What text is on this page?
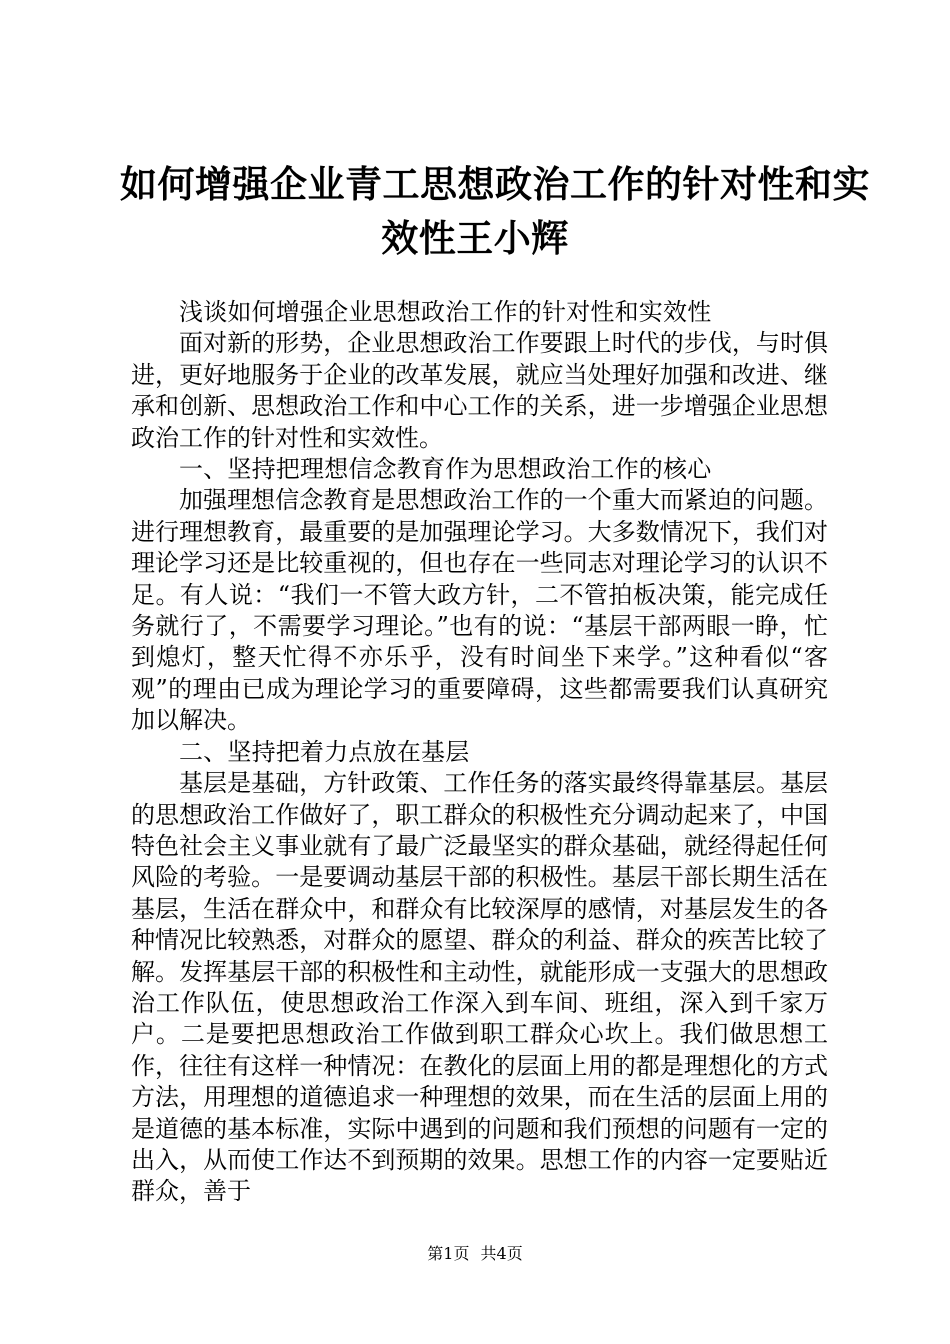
如何增强企业青工思想政治工作的针对性和实
效性王小辉

浅谈如何增强企业思想政治工作的针对性和实效性

面对新的形势，企业思想政治工作要跟上时代的步伐，与时俱进，更好地服务于企业的改革发展，就应当处理好加强和改进、继承和创新、思想政治工作和中心工作的关系，进一步增强企业思想政治工作的针对性和实效性。

一、坚持把理想信念教育作为思想政治工作的核心

加强理想信念教育是思想政治工作的一个重大而紧迫的问题。进行理想教育，最重要的是加强理论学习。大多数情况下，我们对理论学习还是比较重视的，但也存在一些同志对理论学习的认识不足。有人说：“我们一不管大政方针，二不管拍板决策，能完成任务就行了，不需要学习理论。”也有的说：“基层干部两眼一睁，忙到熄灯，整天忙得不亦乐乎，没有时间坐下来学。”这种看似“客观”的理由已成为理论学习的重要障碍，这些都需要我们认真研究加以解决。

二、坚持把着力点放在基层

基层是基础，方针政策、工作任务的落实最终得靠基层。基层的思想政治工作做好了，职工群众的积极性充分调动起来了，中国特色社会主义事业就有了最广泛最坚实的群众基础，就经得起任何风险的考验。一是要调动基层干部的积极性。基层干部长期生活在基层，生活在群众中，和群众有比较深厚的感情，对基层发生的各种情况比较熟悉，对群众的愿望、群众的利益、群众的疾苦比较了解。发挥基层干部的积极性和主动性，就能形成一支强大的思想政治工作队伍，使思想政治工作深入到车间、班组，深入到千家万户。二是要把思想政治工作做到职工群众心坎上。我们做思想工作，往往有这样一种情况：在教化的层面上用的都是理想化的方式方法，用理想的道德追求一种理想的效果，而在生活的层面上用的是道德的基本标准，实际中遇到的问题和我们预想的问题有一定的出入，从而使工作达不到预期的效果。思想工作的内容一定要贴近群众，善于

第1页 共4页
